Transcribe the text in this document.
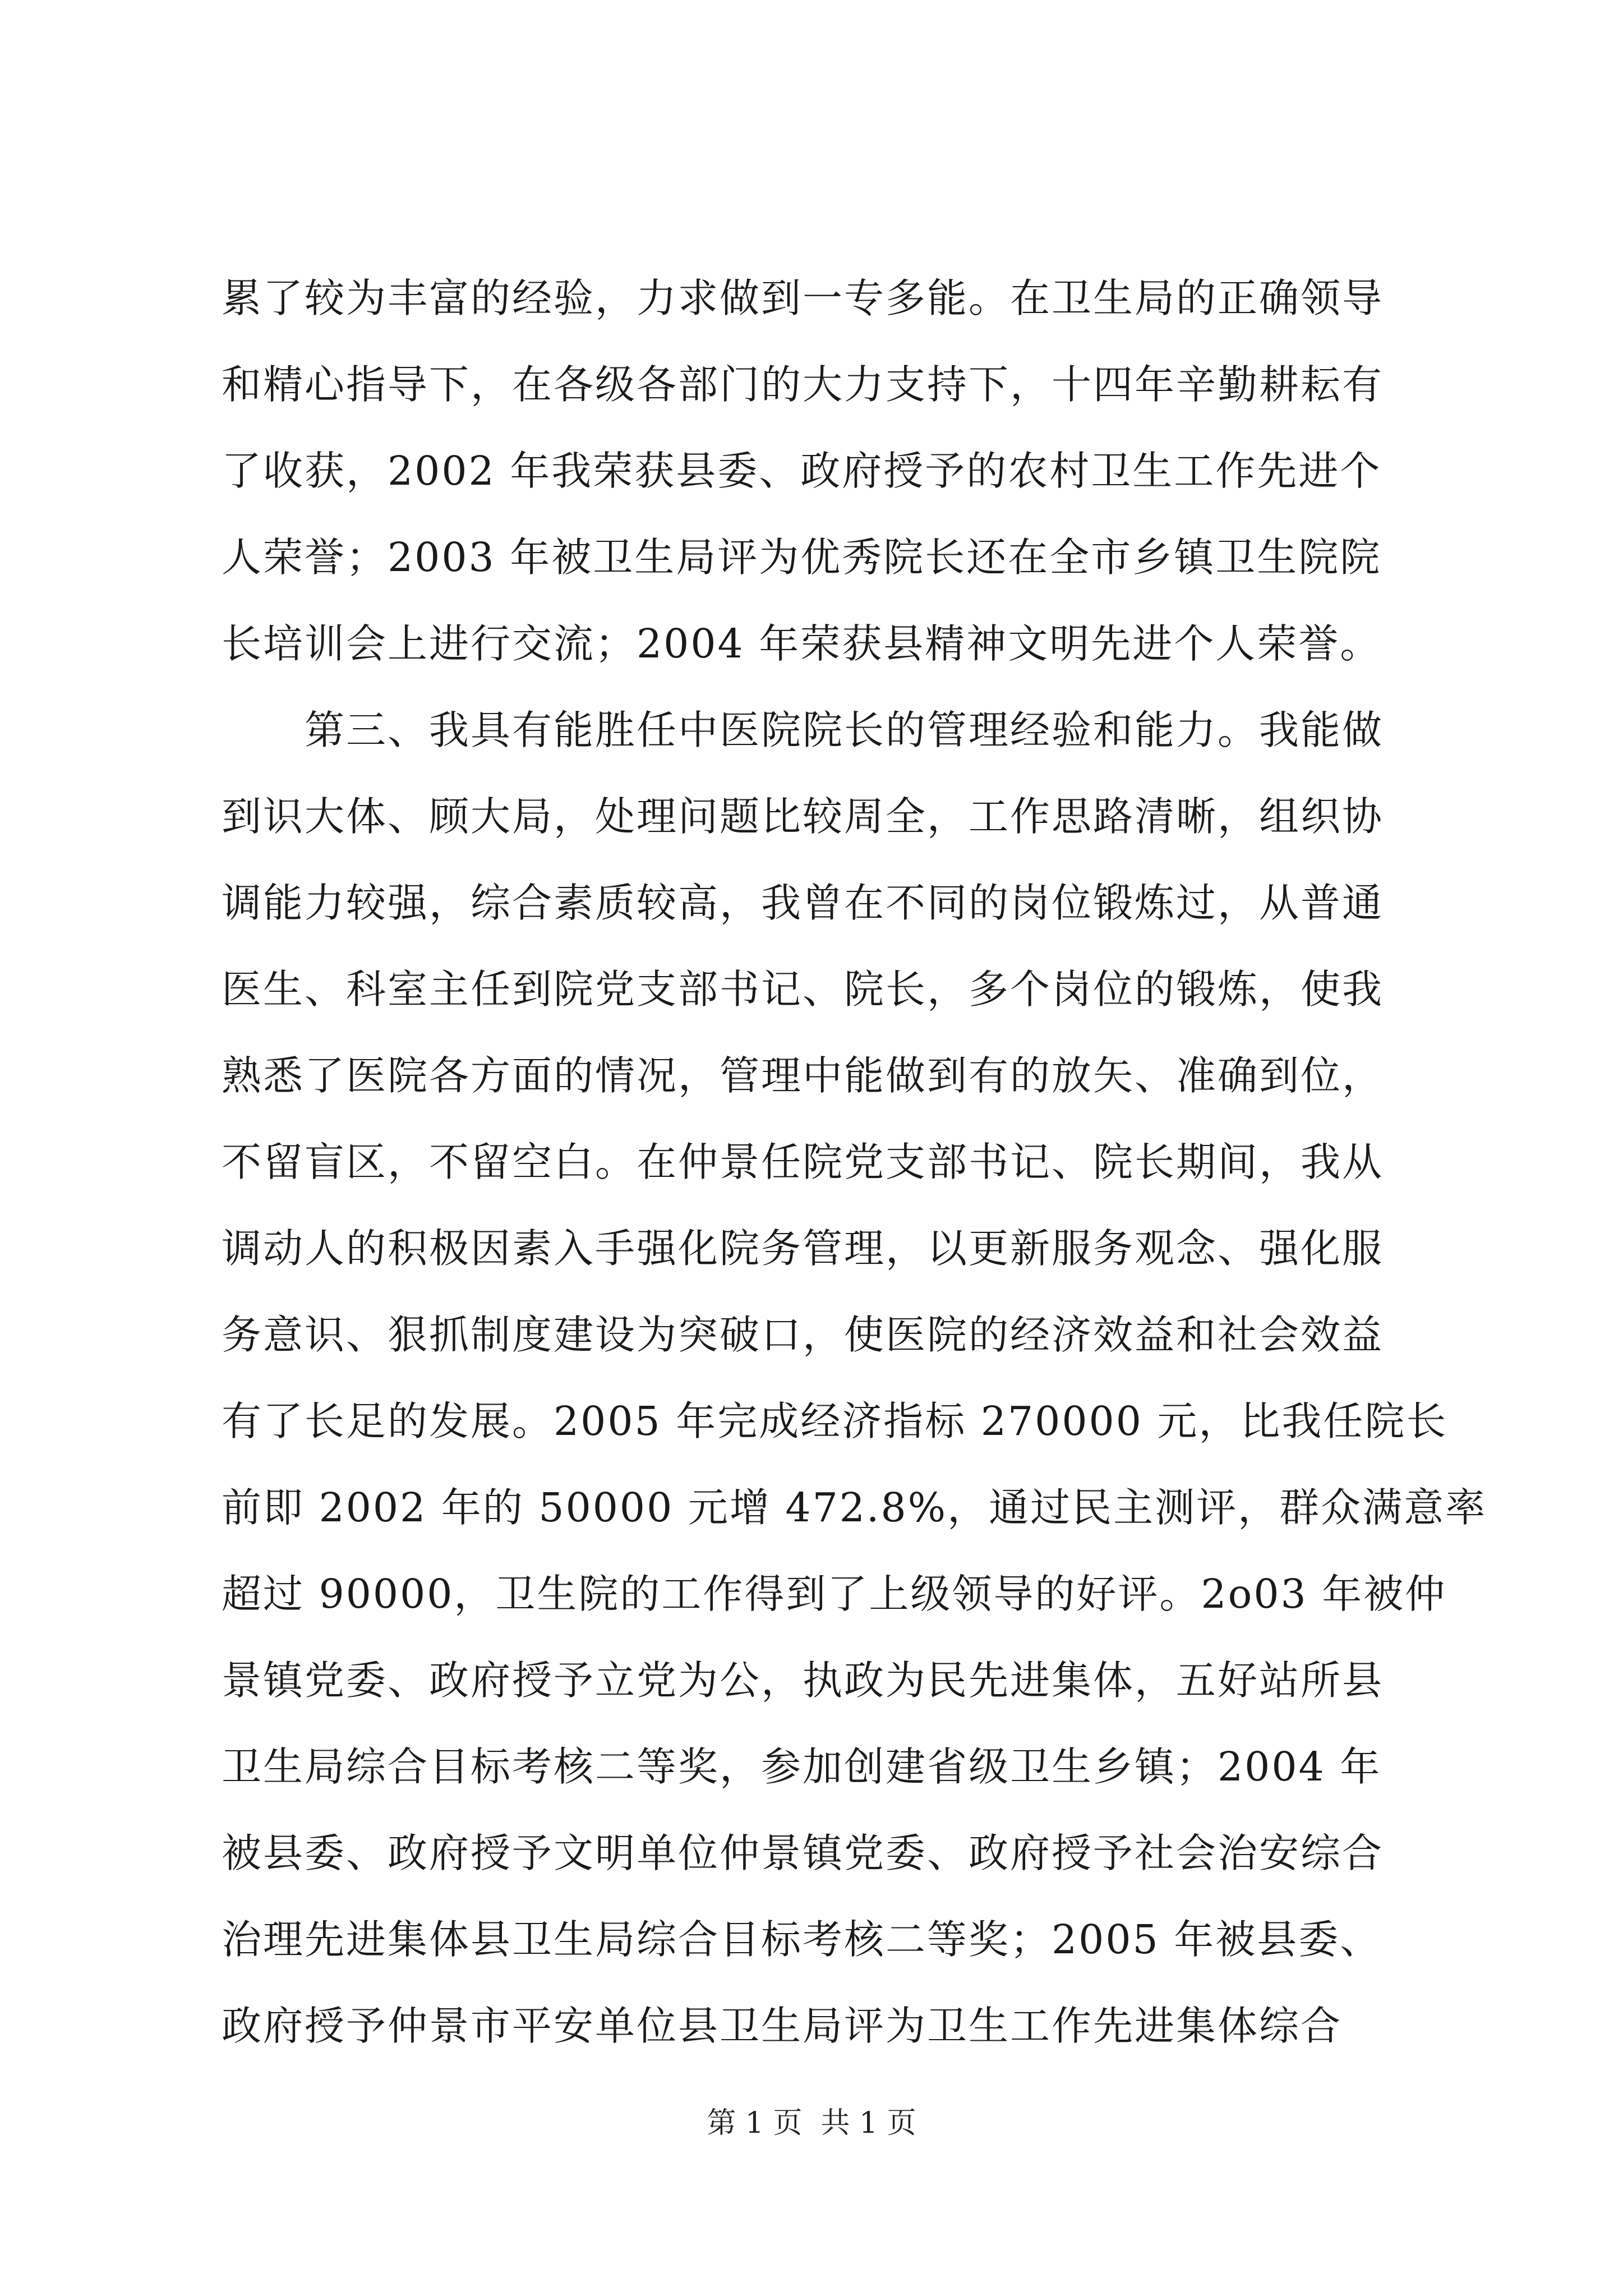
累了较为丰富的经验，力求做到一专多能。在卫生局的正确领导
和精心指导下，在各级各部门的大力支持下，十四年辛勤耕耘有
了收获，2002 年我荣获县委、政府授予的农村卫生工作先进个
人荣誉；2003 年被卫生局评为优秀院长还在全市乡镇卫生院院
长培训会上进行交流；2004 年荣获县精神文明先进个人荣誉。
　　第三、我具有能胜任中医院院长的管理经验和能力。我能做
到识大体、顾大局，处理问题比较周全，工作思路清晰，组织协
调能力较强，综合素质较高，我曾在不同的岗位锻炼过，从普通
医生、科室主任到院党支部书记、院长，多个岗位的锻炼，使我
熟悉了医院各方面的情况，管理中能做到有的放矢、准确到位，
不留盲区，不留空白。在仲景任院党支部书记、院长期间，我从
调动人的积极因素入手强化院务管理，以更新服务观念、强化服
务意识、狠抓制度建设为突破口，使医院的经济效益和社会效益
有了长足的发展。2005 年完成经济指标 270000 元，比我任院长
前即 2002 年的 50000 元增 472.8%，通过民主测评，群众满意率
超过 90000，卫生院的工作得到了上级领导的好评。2o03 年被仲
景镇党委、政府授予立党为公，执政为民先进集体，五好站所县
卫生局综合目标考核二等奖，参加创建省级卫生乡镇；2004 年
被县委、政府授予文明单位仲景镇党委、政府授予社会治安综合
治理先进集体县卫生局综合目标考核二等奖；2005 年被县委、
政府授予仲景市平安单位县卫生局评为卫生工作先进集体综合
第 1 页  共 1 页
